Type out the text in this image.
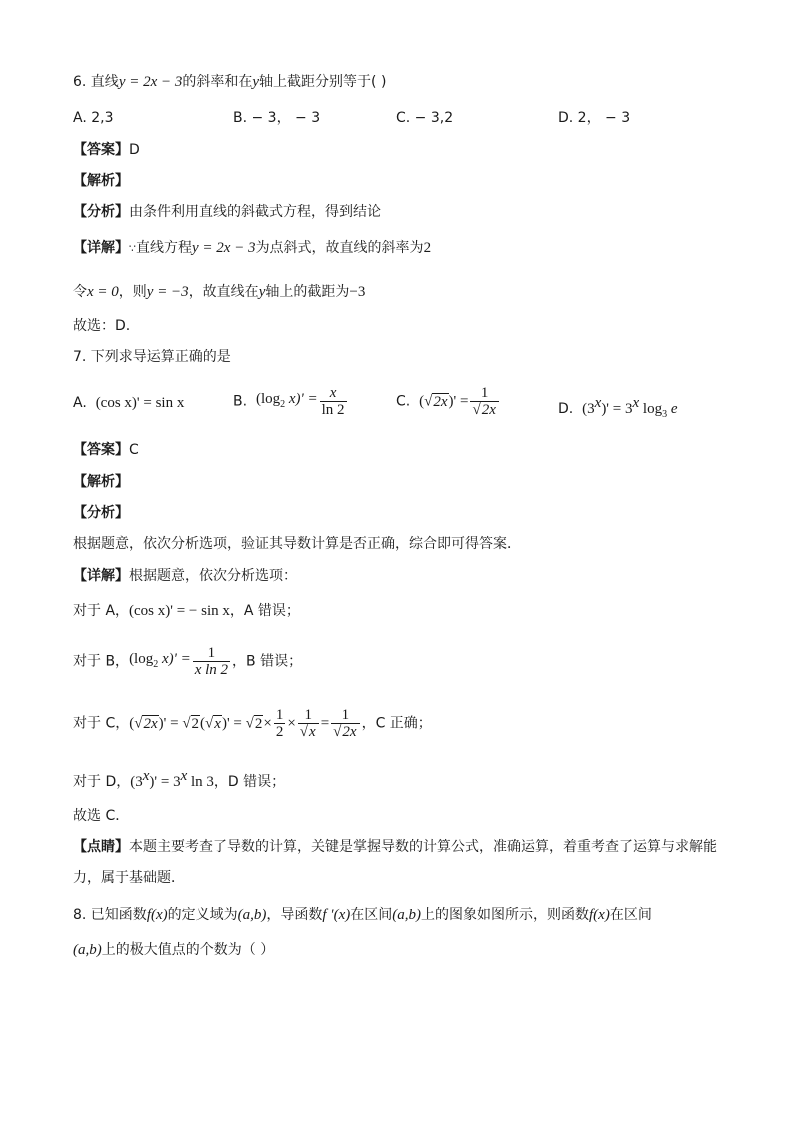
6. 直线y = 2x − 3的斜率和在y轴上截距分别等于( )
A. 2,3	B. − 3， − 3	C. − 3,2	D. 2， − 3
【答案】D
【解析】
【分析】由条件利用直线的斜截式方程，得到结论
【详解】∵直线方程y = 2x − 3为点斜式，故直线的斜率为2
令x = 0，则y = −3，故直线在y轴上的截距为−3
故选：D.
7. 下列求导运算正确的是
A. (cos x)' = sin x	B. ($\log_2$ $x)' = \frac{x}{\ln 2}$	C. $(√2x)' = \frac{1}{√2x}$	D. $(3^x)' = 3^x$ $\log_3 e$
【答案】C
【解析】
【分析】
根据题意，依次分析选项，验证其导数计算是否正确，综合即可得答案．
【详解】根据题意，依次分析选项：
对于 A，(cos x)' = − sin x，A 错误；
对于 B，($\log_2$ $x)' = \frac{1}{\text{x ln 2}}$ ，B 错误；
对于 C，$(√2x)' = √2(√x)' = √2\times \frac{1}{2} \times \frac{1}{√x} = \frac{1}{√2x}$ ，C 正确；
对于 D，$(3^x)' = 3^x$ ln 3，D 错误；
故选 C．
【点睛】本题主要考查了导数的计算，关键是掌握导数的计算公式，准确运算，着重考查了运算与求解能
力，属于基础题．
8. 已知函数f(x)的定义域为(a,b)，导函数f ′(x)在区间(a,b)上的图象如图所示，则函数f(x)在区间
(a,b)上的极大值点的个数为（ ）
